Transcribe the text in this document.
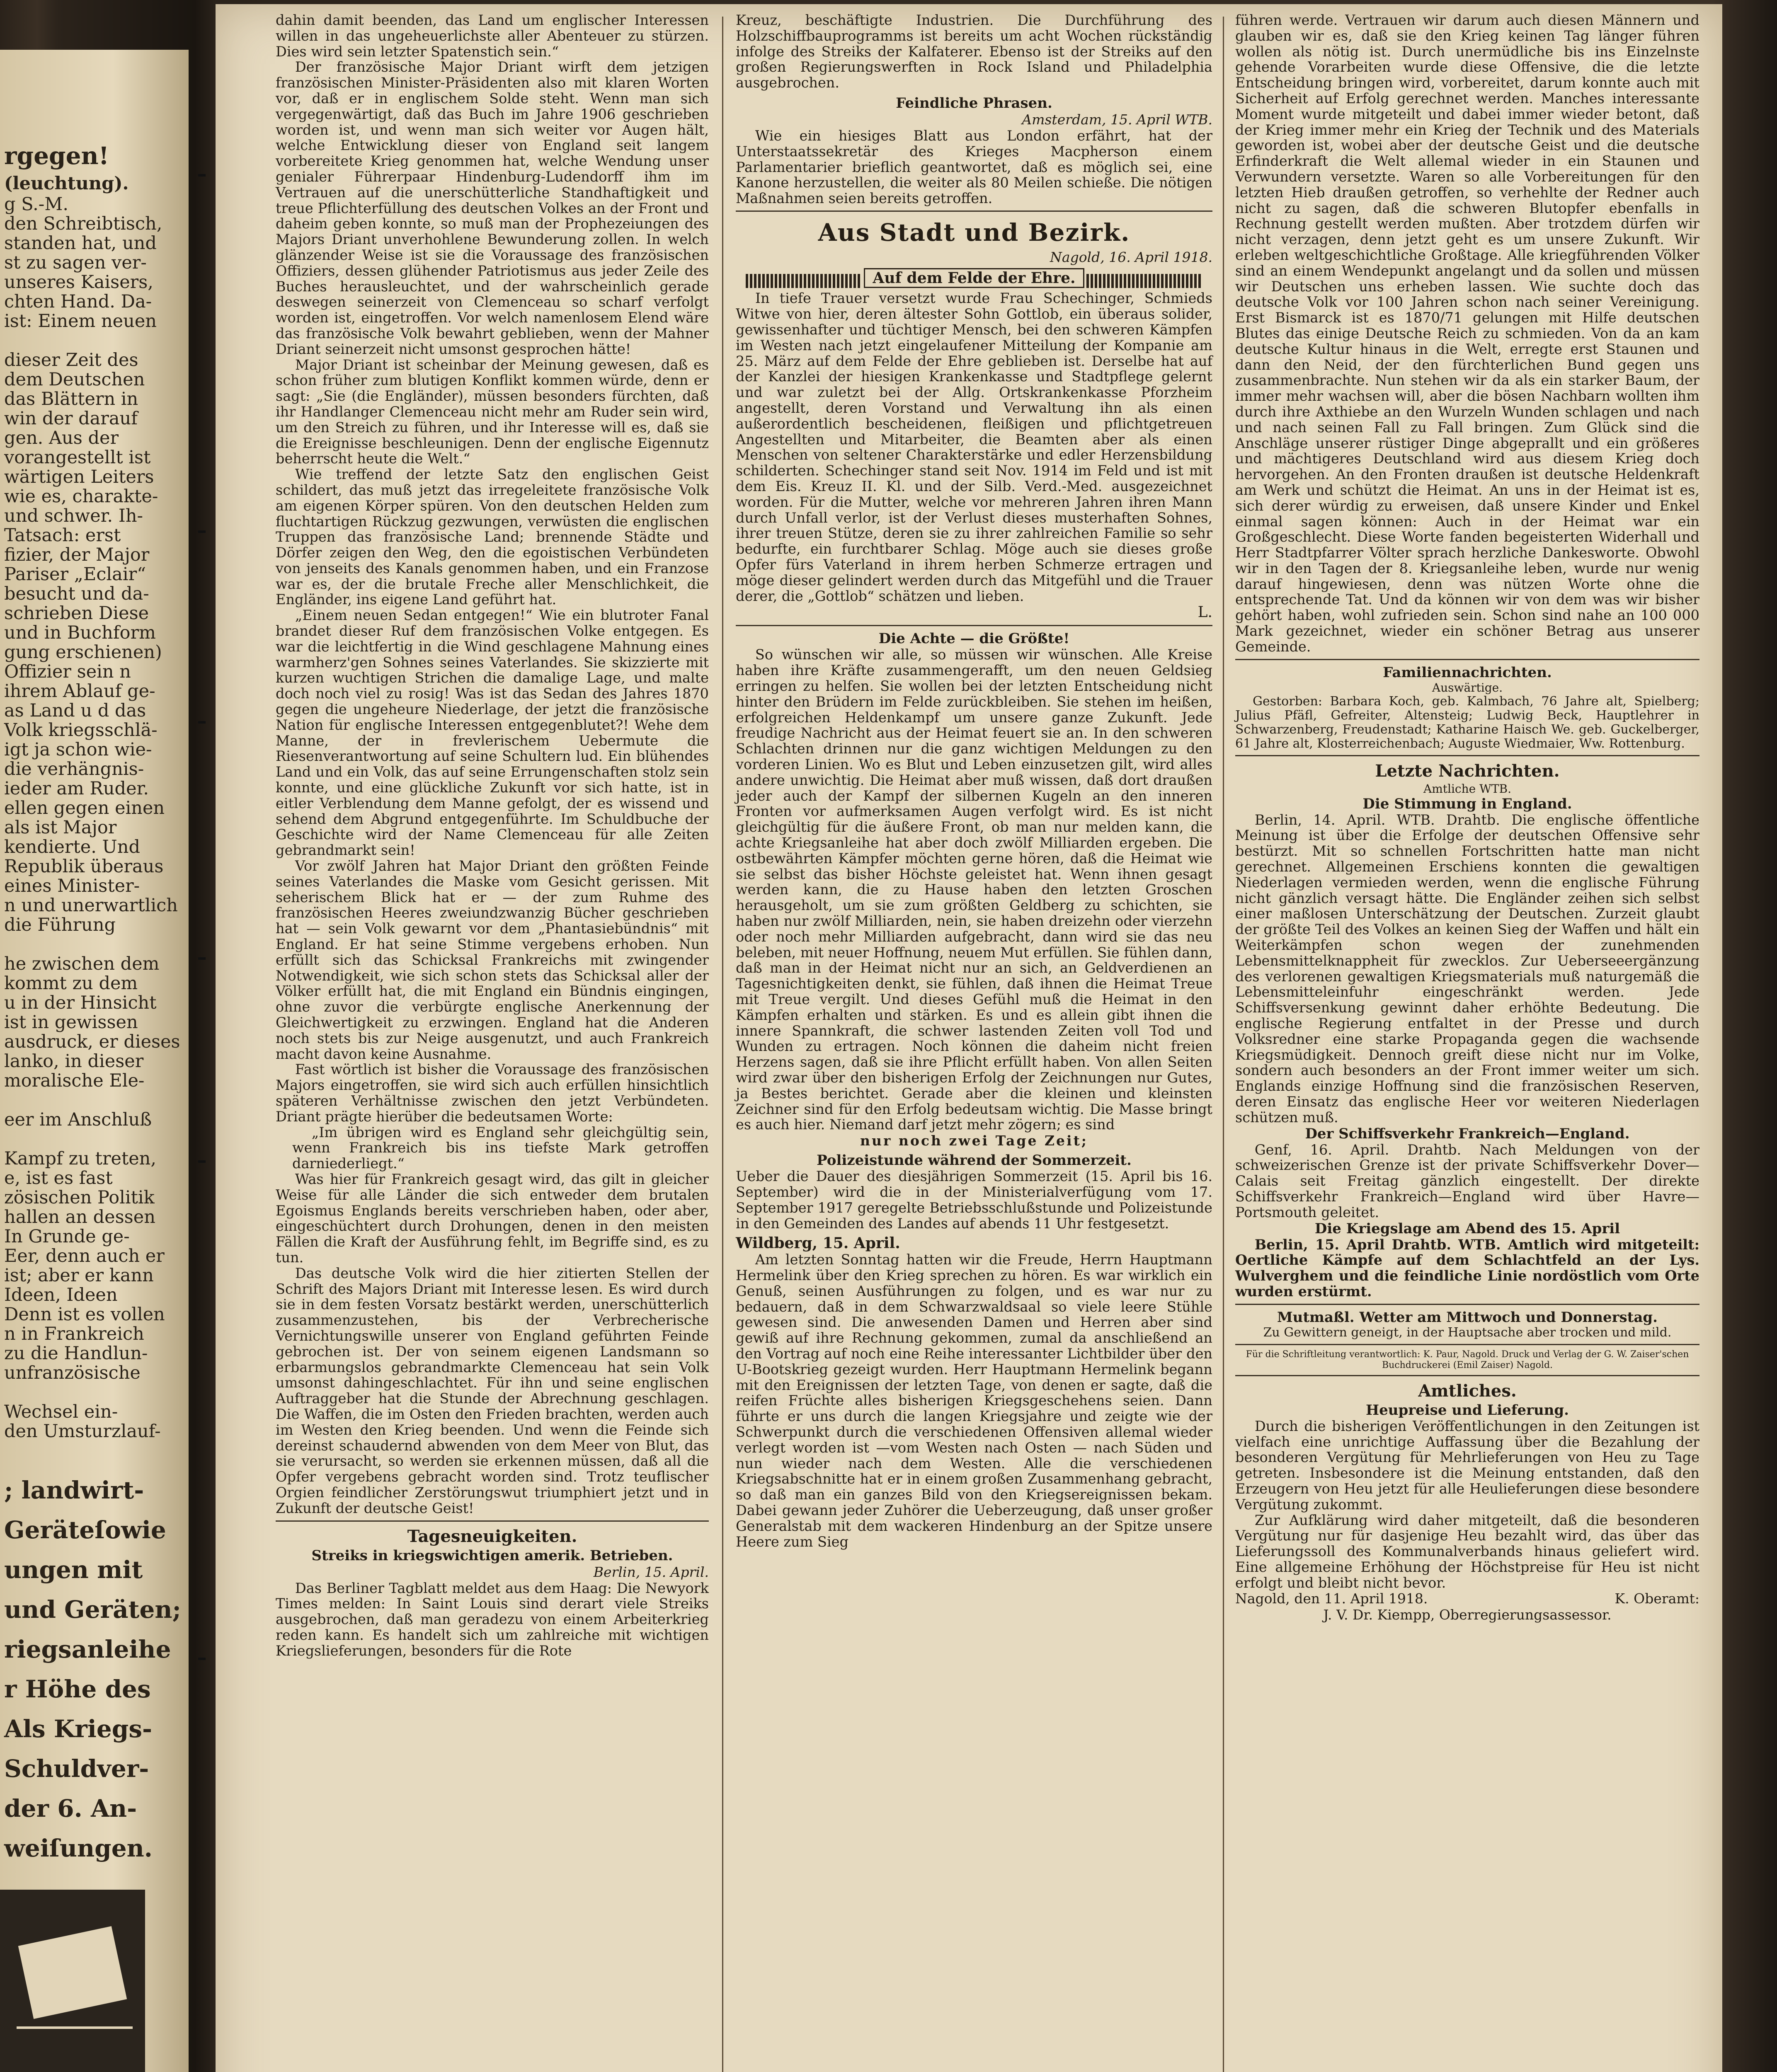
rgegen!
(leuchtung).
g S.-M.
den Schreibtisch,
standen hat, und
st zu sagen ver-
unseres Kaisers,
chten Hand. Da-
ist: Einem neuen
dieser Zeit des
dem Deutschen
das Blättern in
win der darauf
gen. Aus der
vorangestellt ist
wärtigen Leiters
wie es, charakte-
und schwer. Ih-
Tatsach: erst
fizier, der Major
Pariser „Eclair“
besucht und da-
schrieben Diese
und in Buchform
gung erschienen)
Offizier sein n
ihrem Ablauf ge-
as Land u d das
Volk kriegsschlä-
igt ja schon wie-
die verhängnis-
ieder am Ruder.
ellen gegen einen
als ist Major
kendierte. Und
Republik überaus
eines Minister-
n und unerwartlich
die Führung
he zwischen dem
kommt zu dem
u in der Hinsicht
ist in gewissen
ausdruck, er dieses
lanko, in dieser
moralische Ele-
eer im Anschluß
Kampf zu treten,
e, ist es fast
zösischen Politik
hallen an dessen
In Grunde ge-
Eer, denn auch er
ist; aber er kann
Ideen, Ideen
Denn ist es vollen
n in Frankreich
zu die Handlun-
unfranzösische
Wechsel ein-
den Umsturzlauf-
; landwirt-
Geräteſowie
ungen mit
und Geräten;
riegsanleihe
r Höhe des
Als Kriegs-
Schuldver-
der 6. An-
weiſungen.

dahin damit beenden, das Land um englischer Interessen willen in das ungeheuerlichste aller Abenteuer zu stürzen. Dies wird sein letzter Spatenstich sein.“

Der französische Major Driant wirft dem jetzigen französischen Minister-Präsidenten also mit klaren Worten vor, daß er in englischem Solde steht. Wenn man sich vergegenwärtigt, daß das Buch im Jahre 1906 geschrieben worden ist, und wenn man sich weiter vor Augen hält, welche Entwicklung dieser von England seit langem vorbereitete Krieg genommen hat, welche Wendung unser genialer Führerpaar Hindenburg-Ludendorff ihm im Vertrauen auf die unerschütterliche Standhaftigkeit und treue Pflichterfüllung des deutschen Volkes an der Front und daheim geben konnte, so muß man der Prophezeiungen des Majors Driant unverhohlene Bewunderung zollen. In welch glänzender Weise ist sie die Voraussage des französischen Offiziers, dessen glühender Patriotismus aus jeder Zeile des Buches herausleuchtet, und der wahrscheinlich gerade deswegen seinerzeit von Clemenceau so scharf verfolgt worden ist, eingetroffen. Vor welch namenlosem Elend wäre das französische Volk bewahrt geblieben, wenn der Mahner Driant seinerzeit nicht umsonst gesprochen hätte!

Major Driant ist scheinbar der Meinung gewesen, daß es schon früher zum blutigen Konflikt kommen würde, denn er sagt: „Sie (die Engländer), müssen besonders fürchten, daß ihr Handlanger Clemenceau nicht mehr am Ruder sein wird, um den Streich zu führen, und ihr Interesse will es, daß sie die Ereignisse beschleunigen. Denn der englische Eigennutz beherrscht heute die Welt.“

Wie treffend der letzte Satz den englischen Geist schildert, das muß jetzt das irregeleitete französische Volk am eigenen Körper spüren. Von den deutschen Helden zum fluchtartigen Rückzug gezwungen, verwüsten die englischen Truppen das französische Land; brennende Städte und Dörfer zeigen den Weg, den die egoistischen Verbündeten von jenseits des Kanals genommen haben, und ein Franzose war es, der die brutale Freche aller Menschlichkeit, die Engländer, ins eigene Land geführt hat.

„Einem neuen Sedan entgegen!“ Wie ein blutroter Fanal brandet dieser Ruf dem französischen Volke entgegen. Es war die leichtfertig in die Wind geschlagene Mahnung eines warmherz'gen Sohnes seines Vaterlandes. Sie skizzierte mit kurzen wuchtigen Strichen die damalige Lage, und malte doch noch viel zu rosig! Was ist das Sedan des Jahres 1870 gegen die ungeheure Niederlage, der jetzt die französische Nation für englische Interessen entgegenblutet?! Wehe dem Manne, der in frevlerischem Uebermute die Riesenverantwortung auf seine Schultern lud. Ein blühendes Land und ein Volk, das auf seine Errungenschaften stolz sein konnte, und eine glückliche Zukunft vor sich hatte, ist in eitler Verblendung dem Manne gefolgt, der es wissend und sehend dem Abgrund entgegenführte. Im Schuldbuche der Geschichte wird der Name Clemenceau für alle Zeiten gebrandmarkt sein!

Vor zwölf Jahren hat Major Driant den größten Feinde seines Vaterlandes die Maske vom Gesicht gerissen. Mit seherischem Blick hat er — der zum Ruhme des französischen Heeres zweiundzwanzig Bücher geschrieben hat — sein Volk gewarnt vor dem „Phantasiebündnis“ mit England. Er hat seine Stimme vergebens erhoben. Nun erfüllt sich das Schicksal Frankreichs mit zwingender Notwendigkeit, wie sich schon stets das Schicksal aller der Völker erfüllt hat, die mit England ein Bündnis eingingen, ohne zuvor die verbürgte englische Anerkennung der Gleichwertigkeit zu erzwingen. England hat die Anderen noch stets bis zur Neige ausgenutzt, und auch Frankreich macht davon keine Ausnahme.

Fast wörtlich ist bisher die Voraussage des französischen Majors eingetroffen, sie wird sich auch erfüllen hinsichtlich späteren Verhältnisse zwischen den jetzt Verbündeten. Driant prägte hierüber die bedeutsamen Worte:

„Im übrigen wird es England sehr gleichgültig sein, wenn Frankreich bis ins tiefste Mark getroffen darniederliegt.“

Was hier für Frankreich gesagt wird, das gilt in gleicher Weise für alle Länder die sich entweder dem brutalen Egoismus Englands bereits verschrieben haben, oder aber, eingeschüchtert durch Drohungen, denen in den meisten Fällen die Kraft der Ausführung fehlt, im Begriffe sind, es zu tun.

Das deutsche Volk wird die hier zitierten Stellen der Schrift des Majors Driant mit Interesse lesen. Es wird durch sie in dem festen Vorsatz bestärkt werden, unerschütterlich zusammenzustehen, bis der Verbrecherische Vernichtungswille unserer von England geführten Feinde gebrochen ist. Der von seinem eigenen Landsmann so erbarmungslos gebrandmarkte Clemenceau hat sein Volk umsonst dahingeschlachtet. Für ihn und seine englischen Auftraggeber hat die Stunde der Abrechnung geschlagen. Die Waffen, die im Osten den Frieden brachten, werden auch im Westen den Krieg beenden. Und wenn die Feinde sich dereinst schaudernd abwenden von dem Meer von Blut, das sie verursacht, so werden sie erkennen müssen, daß all die Opfer vergebens gebracht worden sind. Trotz teuflischer Orgien feindlicher Zerstörungswut triumphiert jetzt und in Zukunft der deutsche Geist!

Tagesneuigkeiten.
Streiks in kriegswichtigen amerik. Betrieben.
Berlin, 15. April.

Das Berliner Tagblatt meldet aus dem Haag: Die Newyork Times melden: In Saint Louis sind derart viele Streiks ausgebrochen, daß man geradezu von einem Arbeiterkrieg reden kann. Es handelt sich um zahlreiche mit wichtigen Kriegslieferungen, besonders für die Rote

Kreuz, beschäftigte Industrien. Die Durchführung des Holzschiffbauprogramms ist bereits um acht Wochen rückständig infolge des Streiks der Kalfaterer. Ebenso ist der Streiks auf den großen Regierungswerften in Rock Island und Philadelphia ausgebrochen.

Feindliche Phrasen.
Amsterdam, 15. April WTB.

Wie ein hiesiges Blatt aus London erfährt, hat der Unterstaatssekretär des Krieges Macpherson einem Parlamentarier brieflich geantwortet, daß es möglich sei, eine Kanone herzustellen, die weiter als 80 Meilen schieße. Die nötigen Maßnahmen seien bereits getroffen.

Aus Stadt und Bezirk.
Nagold, 16. April 1918.
Auf dem Felde der Ehre.

In tiefe Trauer versetzt wurde Frau Schechinger, Schmieds Witwe von hier, deren ältester Sohn Gottlob, ein überaus solider, gewissenhafter und tüchtiger Mensch, bei den schweren Kämpfen im Westen nach jetzt eingelaufener Mitteilung der Kompanie am 25. März auf dem Felde der Ehre geblieben ist. Derselbe hat auf der Kanzlei der hiesigen Krankenkasse und Stadtpflege gelernt und war zuletzt bei der Allg. Ortskrankenkasse Pforzheim angestellt, deren Vorstand und Verwaltung ihn als einen außerordentlich bescheidenen, fleißigen und pflichtgetreuen Angestellten und Mitarbeiter, die Beamten aber als einen Menschen von seltener Charakterstärke und edler Herzensbildung schilderten. Schechinger stand seit Nov. 1914 im Feld und ist mit dem Eis. Kreuz II. Kl. und der Silb. Verd.-Med. ausgezeichnet worden. Für die Mutter, welche vor mehreren Jahren ihren Mann durch Unfall verlor, ist der Verlust dieses musterhaften Sohnes, ihrer treuen Stütze, deren sie zu ihrer zahlreichen Familie so sehr bedurfte, ein furchtbarer Schlag. Möge auch sie dieses große Opfer fürs Vaterland in ihrem herben Schmerze ertragen und möge dieser gelindert werden durch das Mitgefühl und die Trauer derer, die „Gottlob“ schätzen und lieben.

L.
Die Achte — die Größte!

So wünschen wir alle, so müssen wir wünschen. Alle Kreise haben ihre Kräfte zusammengerafft, um den neuen Geldsieg erringen zu helfen. Sie wollen bei der letzten Entscheidung nicht hinter den Brüdern im Felde zurückbleiben. Sie stehen im heißen, erfolgreichen Heldenkampf um unsere ganze Zukunft. Jede freudige Nachricht aus der Heimat feuert sie an. In den schweren Schlachten drinnen nur die ganz wichtigen Meldungen zu den vorderen Linien. Wo es Blut und Leben einzusetzen gilt, wird alles andere unwichtig. Die Heimat aber muß wissen, daß dort draußen jeder auch der Kampf der silbernen Kugeln an den inneren Fronten vor aufmerksamen Augen verfolgt wird. Es ist nicht gleichgültig für die äußere Front, ob man nur melden kann, die achte Kriegsanleihe hat aber doch zwölf Milliarden ergeben. Die ostbewährten Kämpfer möchten gerne hören, daß die Heimat wie sie selbst das bisher Höchste geleistet hat. Wenn ihnen gesagt werden kann, die zu Hause haben den letzten Groschen herausgeholt, um sie zum größten Geldberg zu schichten, sie haben nur zwölf Milliarden, nein, sie haben dreizehn oder vierzehn oder noch mehr Milliarden aufgebracht, dann wird sie das neu beleben, mit neuer Hoffnung, neuem Mut erfüllen. Sie fühlen dann, daß man in der Heimat nicht nur an sich, an Geldverdienen an Tagesnichtigkeiten denkt, sie fühlen, daß ihnen die Heimat Treue mit Treue vergilt. Und dieses Gefühl muß die Heimat in den Kämpfen erhalten und stärken. Es und es allein gibt ihnen die innere Spannkraft, die schwer lastenden Zeiten voll Tod und Wunden zu ertragen. Noch können die daheim nicht freien Herzens sagen, daß sie ihre Pflicht erfüllt haben. Von allen Seiten wird zwar über den bisherigen Erfolg der Zeichnungen nur Gutes, ja Bestes berichtet. Gerade aber die kleinen und kleinsten Zeichner sind für den Erfolg bedeutsam wichtig. Die Masse bringt es auch hier. Niemand darf jetzt mehr zögern; es sind

nur noch zwei Tage Zeit;
Polizeistunde während der Sommerzeit.

Ueber die Dauer des diesjährigen Sommerzeit (15. April bis 16. September) wird die in der Ministerialverfügung vom 17. September 1917 geregelte Betriebsschlußstunde und Polizeistunde in den Gemeinden des Landes auf abends 11 Uhr festgesetzt.

Wildberg, 15. April.

Am letzten Sonntag hatten wir die Freude, Herrn Hauptmann Hermelink über den Krieg sprechen zu hören. Es war wirklich ein Genuß, seinen Ausführungen zu folgen, und es war nur zu bedauern, daß in dem Schwarzwaldsaal so viele leere Stühle gewesen sind. Die anwesenden Damen und Herren aber sind gewiß auf ihre Rechnung gekommen, zumal da anschließend an den Vortrag auf noch eine Reihe interessanter Lichtbilder über den U-Bootskrieg gezeigt wurden. Herr Hauptmann Hermelink begann mit den Ereignissen der letzten Tage, von denen er sagte, daß die reifen Früchte alles bisherigen Kriegsgeschehens seien. Dann führte er uns durch die langen Kriegsjahre und zeigte wie der Schwerpunkt durch die verschiedenen Offensiven allemal wieder verlegt worden ist —vom Westen nach Osten — nach Süden und nun wieder nach dem Westen. Alle die verschiedenen Kriegsabschnitte hat er in einem großen Zusammenhang gebracht, so daß man ein ganzes Bild von den Kriegsereignissen bekam. Dabei gewann jeder Zuhörer die Ueberzeugung, daß unser großer Generalstab mit dem wackeren Hindenburg an der Spitze unsere Heere zum Sieg

führen werde. Vertrauen wir darum auch diesen Männern und glauben wir es, daß sie den Krieg keinen Tag länger führen wollen als nötig ist. Durch unermüdliche bis ins Einzelnste gehende Vorarbeiten wurde diese Offensive, die die letzte Entscheidung bringen wird, vorbereitet, darum konnte auch mit Sicherheit auf Erfolg gerechnet werden. Manches interessante Moment wurde mitgeteilt und dabei immer wieder betont, daß der Krieg immer mehr ein Krieg der Technik und des Materials geworden ist, wobei aber der deutsche Geist und die deutsche Erfinderkraft die Welt allemal wieder in ein Staunen und Verwundern versetzte. Waren so alle Vorbereitungen für den letzten Hieb draußen getroffen, so verhehlte der Redner auch nicht zu sagen, daß die schweren Blutopfer ebenfalls in Rechnung gestellt werden mußten. Aber trotzdem dürfen wir nicht verzagen, denn jetzt geht es um unsere Zukunft. Wir erleben weltgeschichtliche Großtage. Alle kriegführenden Völker sind an einem Wendepunkt angelangt und da sollen und müssen wir Deutschen uns erheben lassen. Wie suchte doch das deutsche Volk vor 100 Jahren schon nach seiner Vereinigung. Erst Bismarck ist es 1870/71 gelungen mit Hilfe deutschen Blutes das einige Deutsche Reich zu schmieden. Von da an kam deutsche Kultur hinaus in die Welt, erregte erst Staunen und dann den Neid, der den fürchterlichen Bund gegen uns zusammenbrachte. Nun stehen wir da als ein starker Baum, der immer mehr wachsen will, aber die bösen Nachbarn wollten ihm durch ihre Axthiebe an den Wurzeln Wunden schlagen und nach und nach seinen Fall zu Fall bringen. Zum Glück sind die Anschläge unserer rüstiger Dinge abgeprallt und ein größeres und mächtigeres Deutschland wird aus diesem Krieg doch hervorgehen. An den Fronten draußen ist deutsche Heldenkraft am Werk und schützt die Heimat. An uns in der Heimat ist es, sich derer würdig zu erweisen, daß unsere Kinder und Enkel einmal sagen können: Auch in der Heimat war ein Großgeschlecht. Diese Worte fanden begeisterten Widerhall und Herr Stadtpfarrer Völter sprach herzliche Dankesworte. Obwohl wir in den Tagen der 8. Kriegsanleihe leben, wurde nur wenig darauf hingewiesen, denn was nützen Worte ohne die entsprechende Tat. Und da können wir von dem was wir bisher gehört haben, wohl zufrieden sein. Schon sind nahe an 100 000 Mark gezeichnet, wieder ein schöner Betrag aus unserer Gemeinde.

Familiennachrichten.
Auswärtige.

Gestorben: Barbara Koch, geb. Kalmbach, 76 Jahre alt, Spielberg; Julius Pfäfl, Gefreiter, Altensteig; Ludwig Beck, Hauptlehrer in Schwarzenberg, Freudenstadt; Katharine Haisch We. geb. Guckelberger, 61 Jahre alt, Klosterreichenbach; Auguste Wiedmaier, Ww. Rottenburg.

Letzte Nachrichten.
Amtliche WTB.
Die Stimmung in England.

Berlin, 14. April. WTB. Drahtb. Die englische öffentliche Meinung ist über die Erfolge der deutschen Offensive sehr bestürzt. Mit so schnellen Fortschritten hatte man nicht gerechnet. Allgemeinen Erschiens konnten die gewaltigen Niederlagen vermieden werden, wenn die englische Führung nicht gänzlich versagt hätte. Die Engländer zeihen sich selbst einer maßlosen Unterschätzung der Deutschen. Zurzeit glaubt der größte Teil des Volkes an keinen Sieg der Waffen und hält ein Weiterkämpfen schon wegen der zunehmenden Lebensmittelknappheit für zwecklos. Zur Ueberseeergänzung des verlorenen gewaltigen Kriegsmaterials muß naturgemäß die Lebensmitteleinfuhr eingeschränkt werden. Jede Schiffsversenkung gewinnt daher erhöhte Bedeutung. Die englische Regierung entfaltet in der Presse und durch Volksredner eine starke Propaganda gegen die wachsende Kriegsmüdigkeit. Dennoch greift diese nicht nur im Volke, sondern auch besonders an der Front immer weiter um sich. Englands einzige Hoffnung sind die französischen Reserven, deren Einsatz das englische Heer vor weiteren Niederlagen schützen muß.

Der Schiffsverkehr Frankreich—England.

Genf, 16. April. Drahtb. Nach Meldungen von der schweizerischen Grenze ist der private Schiffsverkehr Dover—Calais seit Freitag gänzlich eingestellt. Der direkte Schiffsverkehr Frankreich—England wird über Havre—Portsmouth geleitet.

Die Kriegslage am Abend des 15. April

Berlin, 15. April Drahtb. WTB. Amtlich wird mitgeteilt: Oertliche Kämpfe auf dem Schlachtfeld an der Lys. Wulverghem und die feindliche Linie nordöstlich vom Orte wurden erstürmt.

Mutmaßl. Wetter am Mittwoch und Donnerstag.
Zu Gewittern geneigt, in der Hauptsache aber trocken und mild.
Für die Schriftleitung verantwortlich: K. Paur, Nagold. Druck und Verlag der G. W. Zaiser'schen Buchdruckerei (Emil Zaiser) Nagold.
Amtliches.
Heupreise und Lieferung.

Durch die bisherigen Veröffentlichungen in den Zeitungen ist vielfach eine unrichtige Auffassung über die Bezahlung der besonderen Vergütung für Mehrlieferungen von Heu zu Tage getreten. Insbesondere ist die Meinung entstanden, daß den Erzeugern von Heu jetzt für alle Heulieferungen diese besondere Vergütung zukommt.

Zur Aufklärung wird daher mitgeteilt, daß die besonderen Vergütung nur für dasjenige Heu bezahlt wird, das über das Lieferungssoll des Kommunalverbands hinaus geliefert wird. Eine allgemeine Erhöhung der Höchstpreise für Heu ist nicht erfolgt und bleibt nicht bevor.

Nagold, den 11. April 1918.	K. Oberamt:
J. V. Dr. Kiempp, Oberregierungsassessor.
